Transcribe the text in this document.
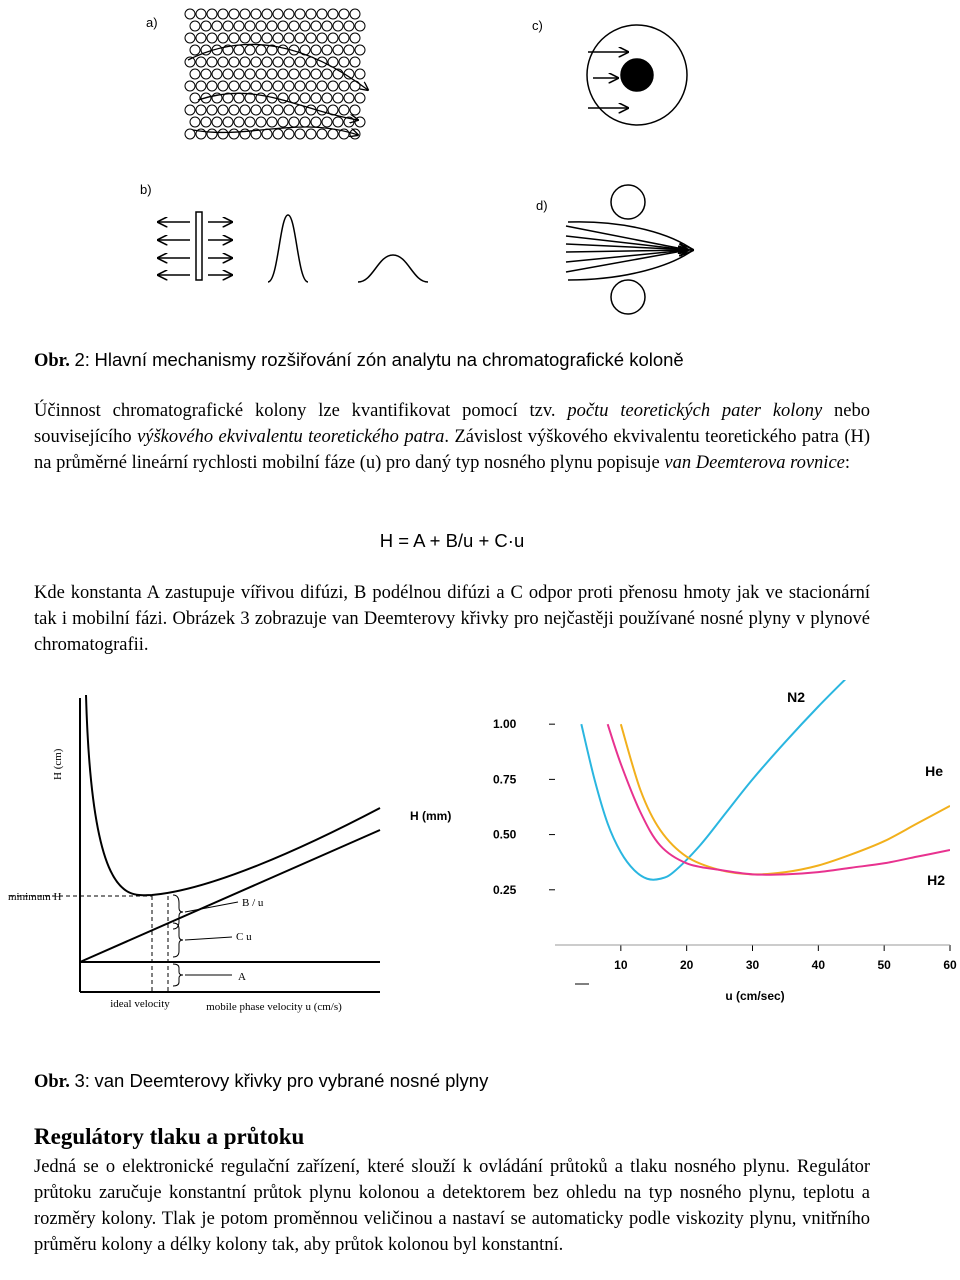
a)	c)
b)
d)
Obr. 2: Hlavní mechanismy rozšiřování zón analytu na chromatografické koloně
Účinnost chromatografické kolony lze kvantifikovat pomocí tzv. počtu teoretických pater kolony nebo souvisejícího výškového ekvivalentu teoretického patra. Závislost výškového ekvivalentu teoretického patra (H) na průměrné lineární rychlosti mobilní fáze (u) pro daný typ nosného plynu popisuje van Deemterova rovnice:
H = A + B/u + C·u
Kde konstanta A zastupuje vířivou difúzi, B podélnou difúzi a C odpor proti přenosu hmoty jak ve stacionární tak i mobilní fázi. Obrázek 3 zobrazuje van Deemterovy křivky pro nejčastěji používané nosné plyny v plynové chromatografii.
H (cm)
minimum H	B / u
C u
A
ideal velocity	mobile phase velocity u (cm/s)
H (mm)
u (cm/sec)
10	20	30	40	50	60
1.00
0.75
0.50
0.25
N2
He
H2
Obr. 3: van Deemterovy křivky pro vybrané nosné plyny
Regulátory tlaku a průtoku
Jedná se o elektronické regulační zařízení, které slouží k ovládání průtoků a tlaku nosného plynu. Regulátor průtoku zaručuje konstantní průtok plynu kolonou a detektorem bez ohledu na typ nosného plynu, teplotu a rozměry kolony. Tlak je potom proměnnou veličinou a nastaví se automaticky podle viskozity plynu, vnitřního průměru kolony a délky kolony tak, aby průtok kolonou byl konstantní.
